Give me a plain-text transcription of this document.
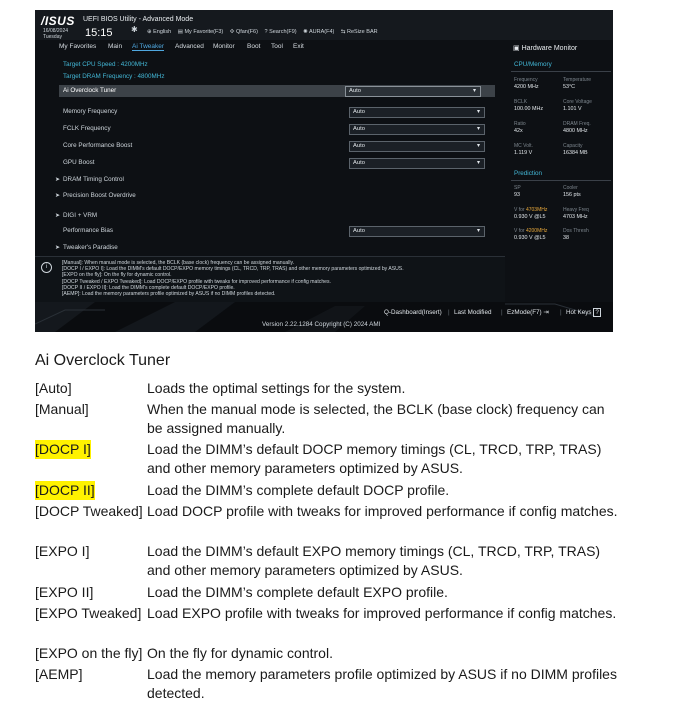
/ISUS UEFI BIOS Utility - Advanced Mode
16/08/2024
Tuesday	15:15 ✱ ⊕ English ▤ My Favorite(F3) ✣ Qfan(F6) ? Search(F9) ✺ AURA(F4) ⇆ ReSize BAR
My Favorites Main Ai Tweaker Advanced Monitor Boot Tool Exit	▣ Hardware Monitor
Target CPU Speed : 4200MHz
Target DRAM Frequency : 4800MHz
Ai Overclock Tuner	Auto	▾
Memory Frequency	Auto	▾
FCLK Frequency	Auto	▾
Core Performance Boost	Auto	▾
GPU Boost	Auto	▾
➤ DRAM Timing Control
➤ Precision Boost Overdrive
➤ DIGI + VRM
Performance Bias	Auto	▾
➤ Tweaker's Paradise
CPU/Memory
Frequency
4200 MHz
Temperature
53°C
BCLK
100.00 MHz
Core Voltage
1.101 V
Ratio
42x
DRAM Freq.
4800 MHz
MC Volt.
1.119 V
Capacity
16384 MB
Prediction
SP
93
Cooler
156 pts
V for 4703MHz
0.930 V @L5
Heavy Freq
4703 MHz
V for 4200MHz
0.930 V @L5
Dos Thresh
38
i
[Manual]: When manual mode is selected, the BCLK (base clock) frequency can be assigned manually.
[DOCP I / EXPO I]: Load the DIMM's default DOCP/EXPO memory timings (CL, TRCD, TRP, TRAS) and other memory parameters optimized by ASUS.
[EXPO on the fly]: On the fly for dynamic control.
[DOCP Tweaked / EXPO Tweaked]: Load DOCP/EXPO profile with tweaks for improved performance if config matches.
[DOCP II / EXPO II]: Load the DIMM's complete default DOCP/EXPO profile.
[AEMP]: Load the memory parameters profile optimized by ASUS if no DIMM profiles detected.
Q-Dashboard(Insert) | Last Modified | EzMode(F7) ⇥ | Hot Keys ?
Version 2.22.1284 Copyright (C) 2024 AMI
Ai Overclock Tuner
[Auto]	Loads the optimal settings for the system.
[Manual]	When the manual mode is selected, the BCLK (base clock) frequency can be assigned manually.
[DOCP I]	Load the DIMM’s default DOCP memory timings (CL, TRCD, TRP, TRAS) and other memory parameters optimized by ASUS.
[DOCP II]	Load the DIMM’s complete default DOCP profile.
[DOCP Tweaked] Load DOCP profile with tweaks for improved performance if config matches.
[EXPO I]	Load the DIMM’s default EXPO memory timings (CL, TRCD, TRP, TRAS) and other memory parameters optimized by ASUS.
[EXPO II]	Load the DIMM’s complete default EXPO profile.
[EXPO Tweaked] Load EXPO profile with tweaks for improved performance if config matches.
[EXPO on the fly] On the fly for dynamic control.
[AEMP]	Load the memory parameters profile optimized by ASUS if no DIMM profiles detected.
